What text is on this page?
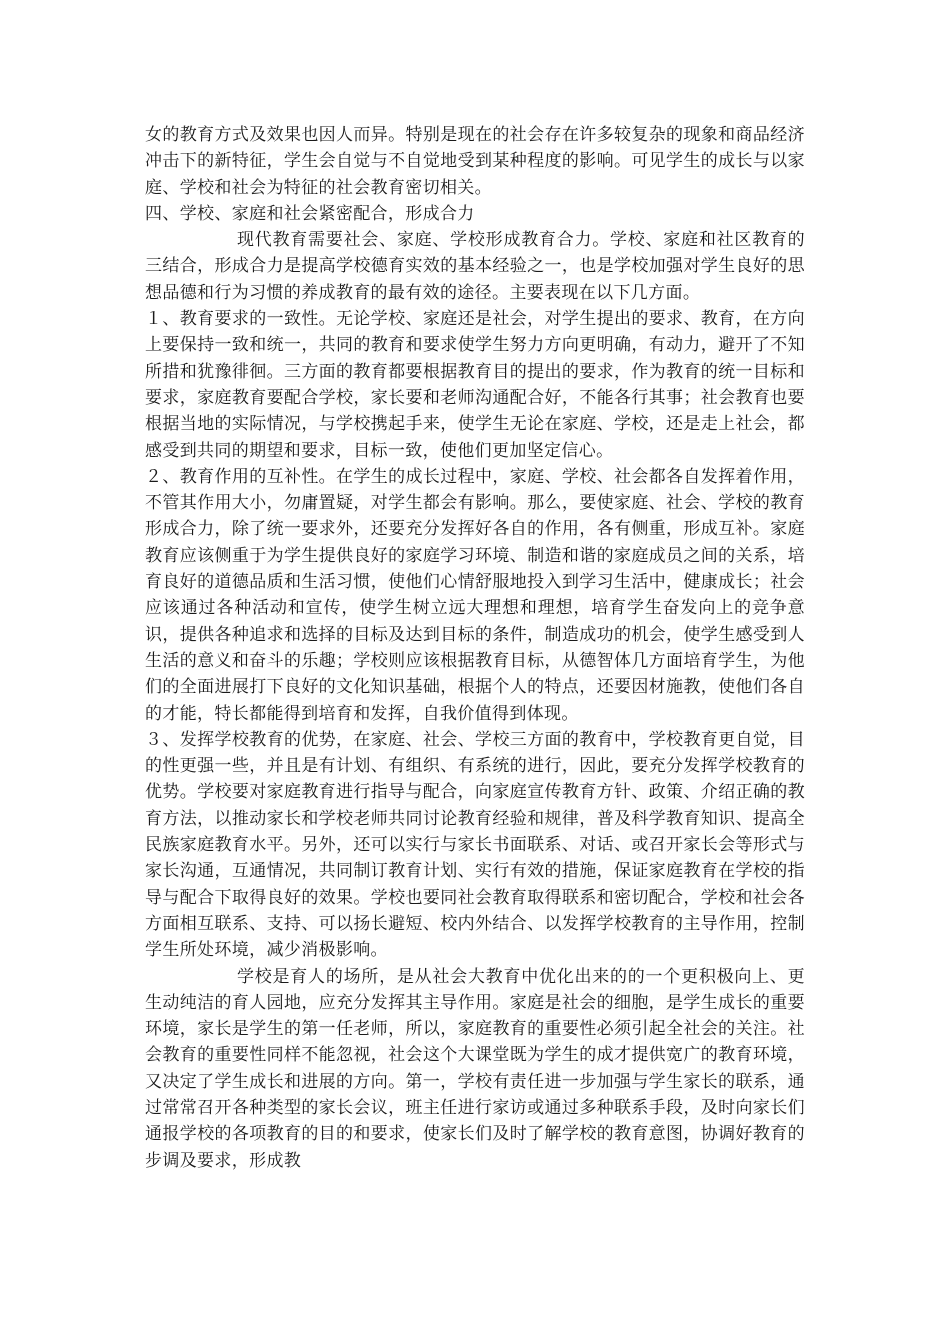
女的教育方式及效果也因人而异。特别是现在的社会存在许多较复杂的现象和商品经济冲击下的新特征，学生会自觉与不自觉地受到某种程度的影响。可见学生的成长与以家庭、学校和社会为特征的社会教育密切相关。

四、学校、家庭和社会紧密配合，形成合力

现代教育需要社会、家庭、学校形成教育合力。学校、家庭和社区教育的三结合，形成合力是提高学校德育实效的基本经验之一，也是学校加强对学生良好的思想品德和行为习惯的养成教育的最有效的途径。主要表现在以下几方面。

１、教育要求的一致性。无论学校、家庭还是社会，对学生提出的要求、教育，在方向上要保持一致和统一，共同的教育和要求使学生努力方向更明确，有动力，避开了不知所措和犹豫徘徊。三方面的教育都要根据教育目的提出的要求，作为教育的统一目标和要求，家庭教育要配合学校，家长要和老师沟通配合好，不能各行其事；社会教育也要根据当地的实际情况，与学校携起手来，使学生无论在家庭、学校，还是走上社会，都感受到共同的期望和要求，目标一致，使他们更加坚定信心。

２、教育作用的互补性。在学生的成长过程中，家庭、学校、社会都各自发挥着作用，不管其作用大小，勿庸置疑，对学生都会有影响。那么，要使家庭、社会、学校的教育形成合力，除了统一要求外，还要充分发挥好各自的作用，各有侧重，形成互补。家庭教育应该侧重于为学生提供良好的家庭学习环境、制造和谐的家庭成员之间的关系，培育良好的道德品质和生活习惯，使他们心情舒服地投入到学习生活中，健康成长；社会应该通过各种活动和宣传，使学生树立远大理想和理想，培育学生奋发向上的竞争意识，提供各种追求和选择的目标及达到目标的条件，制造成功的机会，使学生感受到人生活的意义和奋斗的乐趣；学校则应该根据教育目标，从德智体几方面培育学生，为他们的全面进展打下良好的文化知识基础，根据个人的特点，还要因材施教，使他们各自的才能，特长都能得到培育和发挥，自我价值得到体现。

３、发挥学校教育的优势，在家庭、社会、学校三方面的教育中，学校教育更自觉，目的性更强一些，并且是有计划、有组织、有系统的进行，因此，要充分发挥学校教育的优势。学校要对家庭教育进行指导与配合，向家庭宣传教育方针、政策、介绍正确的教育方法，以推动家长和学校老师共同讨论教育经验和规律，普及科学教育知识、提高全民族家庭教育水平。另外，还可以实行与家长书面联系、对话、或召开家长会等形式与家长沟通，互通情况，共同制订教育计划、实行有效的措施，保证家庭教育在学校的指导与配合下取得良好的效果。学校也要同社会教育取得联系和密切配合，学校和社会各方面相互联系、支持、可以扬长避短、校内外结合、以发挥学校教育的主导作用，控制学生所处环境，减少消极影响。

学校是育人的场所，是从社会大教育中优化出来的的一个更积极向上、更生动纯洁的育人园地，应充分发挥其主导作用。家庭是社会的细胞，是学生成长的重要环境，家长是学生的第一任老师，所以，家庭教育的重要性必须引起全社会的关注。社会教育的重要性同样不能忽视，社会这个大课堂既为学生的成才提供宽广的教育环境，又决定了学生成长和进展的方向。第一，学校有责任进一步加强与学生家长的联系，通过常常召开各种类型的家长会议，班主任进行家访或通过多种联系手段，及时向家长们通报学校的各项教育的目的和要求，使家长们及时了解学校的教育意图，协调好教育的步调及要求，形成教
